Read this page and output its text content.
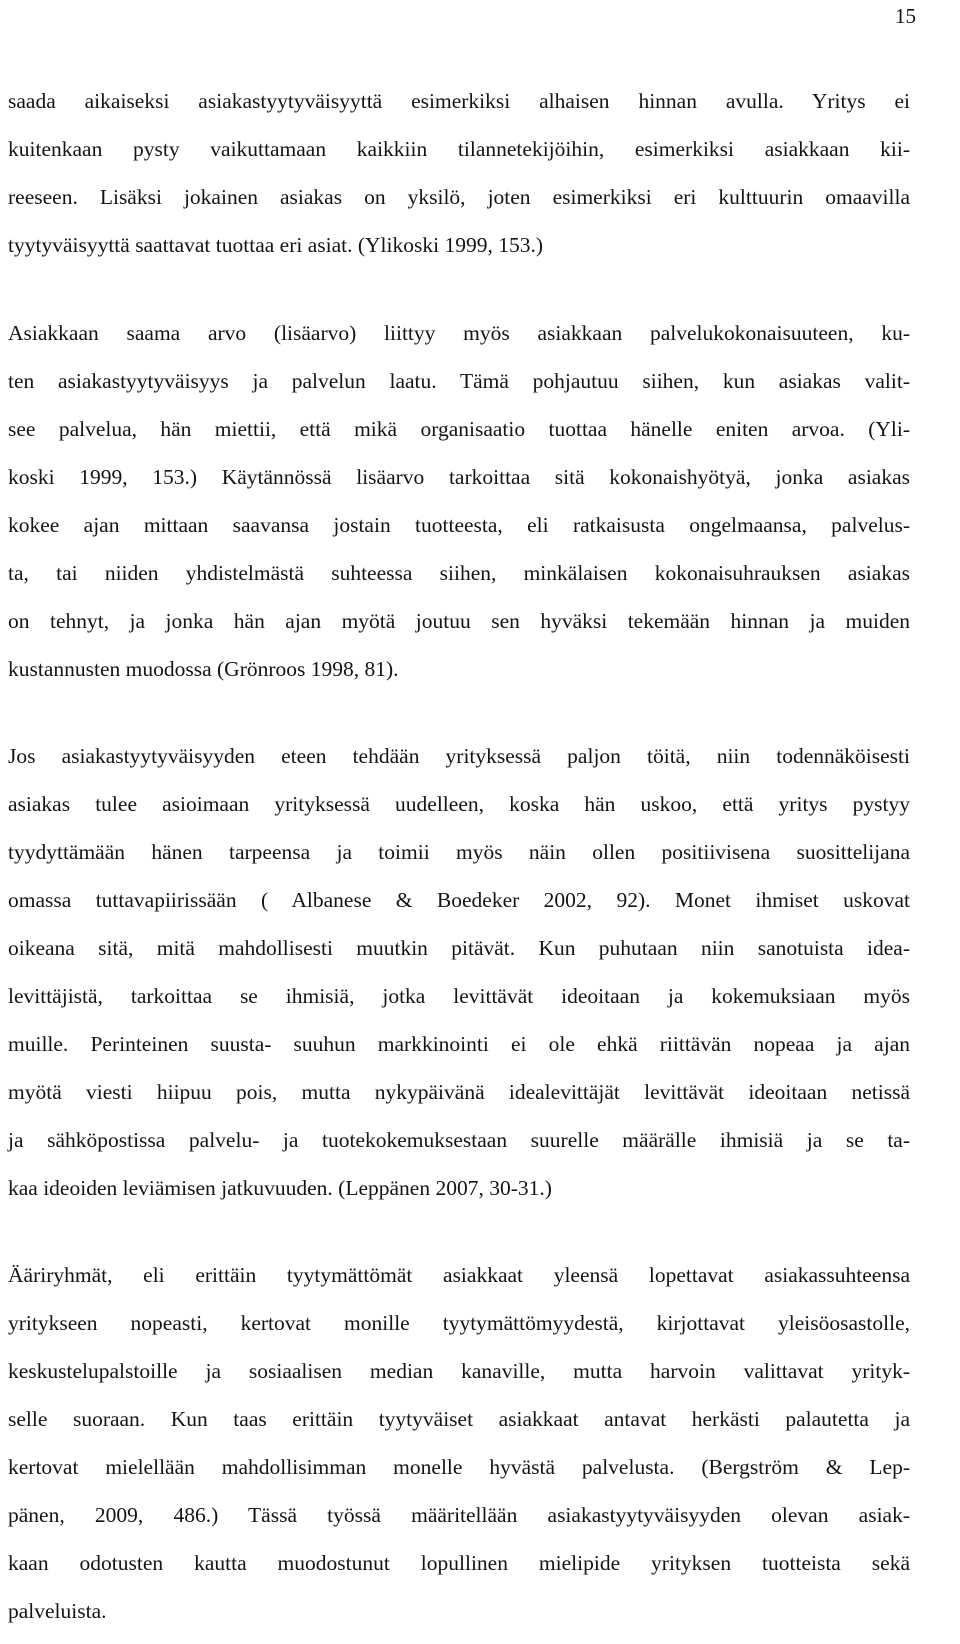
15
saada aikaiseksi asiakastyytyväisyyttä esimerkiksi alhaisen hinnan avulla. Yritys ei
kuitenkaan pysty vaikuttamaan kaikkiin tilannetekijöihin, esimerkiksi asiakkaan kii-
reeseen. Lisäksi jokainen asiakas on yksilö, joten esimerkiksi eri kulttuurin omaavilla
tyytyväisyyttä saattavat tuottaa eri asiat. (Ylikoski 1999, 153.)
Asiakkaan saama arvo (lisäarvo) liittyy myös asiakkaan palvelukokonaisuuteen, ku-
ten asiakastyytyväisyys ja palvelun laatu. Tämä pohjautuu siihen, kun asiakas valit-
see palvelua, hän miettii, että mikä organisaatio tuottaa hänelle eniten arvoa. (Yli-
koski 1999, 153.) Käytännössä lisäarvo tarkoittaa sitä kokonaishyötyä, jonka asiakas
kokee ajan mittaan saavansa jostain tuotteesta, eli ratkaisusta ongelmaansa, palvelus-
ta, tai niiden yhdistelmästä suhteessa siihen, minkälaisen kokonaisuhrauksen asiakas
on tehnyt, ja jonka hän ajan myötä joutuu sen hyväksi tekemään hinnan ja muiden
kustannusten muodossa (Grönroos 1998, 81).
Jos asiakastyytyväisyyden eteen tehdään yrityksessä paljon töitä, niin todennäköisesti
asiakas tulee asioimaan yrityksessä uudelleen, koska hän uskoo, että yritys pystyy
tyydyttämään hänen tarpeensa ja toimii myös näin ollen positiivisena suosittelijana
omassa tuttavapiirissään ( Albanese & Boedeker 2002, 92). Monet ihmiset uskovat
oikeana sitä, mitä mahdollisesti muutkin pitävät. Kun puhutaan niin sanotuista idea-
levittäjistä, tarkoittaa se ihmisiä, jotka levittävät ideoitaan ja kokemuksiaan myös
muille. Perinteinen suusta- suuhun markkinointi ei ole ehkä riittävän nopeaa ja ajan
myötä viesti hiipuu pois, mutta nykypäivänä idealevittäjät levittävät ideoitaan netissä
ja sähköpostissa palvelu- ja tuotekokemuksestaan suurelle määrälle ihmisiä ja se ta-
kaa ideoiden leviämisen jatkuvuuden. (Leppänen 2007, 30-31.)
Ääriryhmät, eli erittäin tyytymättömät asiakkaat yleensä lopettavat asiakassuhteensa
yritykseen nopeasti, kertovat monille tyytymättömyydestä, kirjottavat yleisöosastolle,
keskustelupalstoille ja sosiaalisen median kanaville, mutta harvoin valittavat yrityk-
selle suoraan. Kun taas erittäin tyytyväiset asiakkaat antavat herkästi palautetta ja
kertovat mielellään mahdollisimman monelle hyvästä palvelusta. (Bergström & Lep-
pänen, 2009, 486.) Tässä työssä määritellään asiakastyytyväisyyden olevan asiak-
kaan odotusten kautta muodostunut lopullinen mielipide yrityksen tuotteista sekä
palveluista.
